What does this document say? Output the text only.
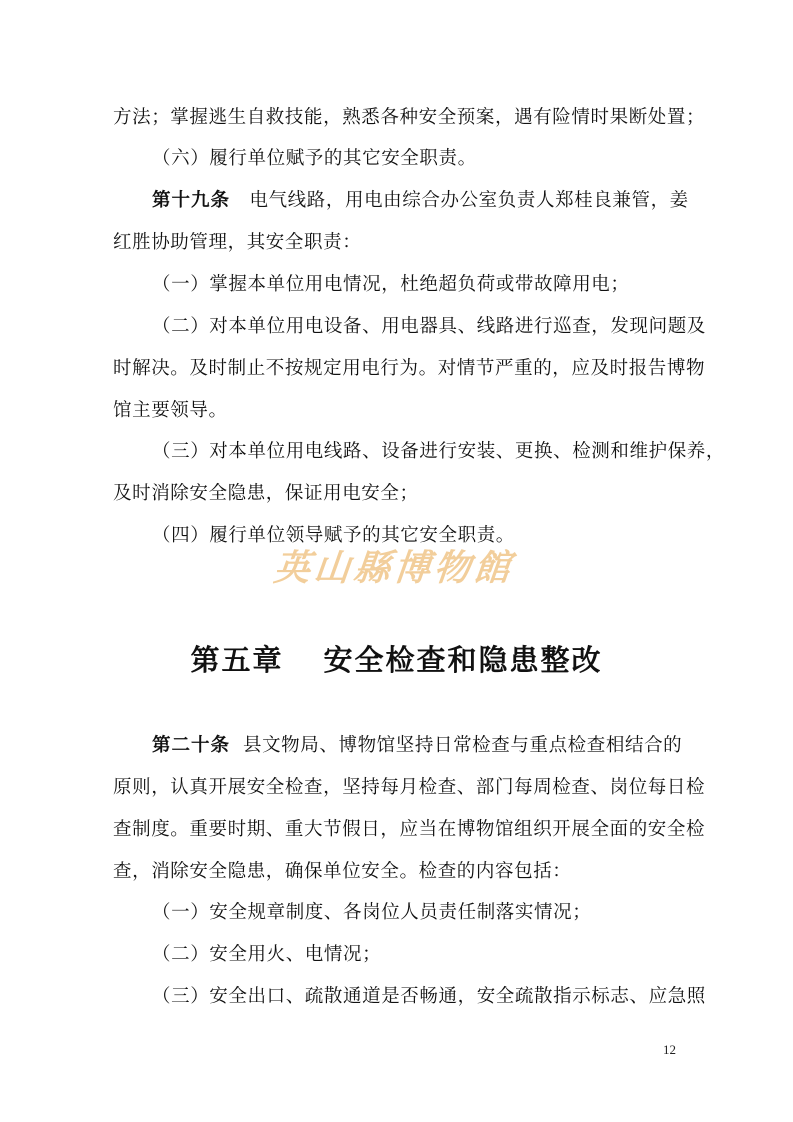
方法；掌握逃生自救技能，熟悉各种安全预案，遇有险情时果断处置；
（六）履行单位赋予的其它安全职责。
第十九条 电气线路，用电由综合办公室负责人郑桂良兼管，姜
红胜协助管理，其安全职责：
（一）掌握本单位用电情况，杜绝超负荷或带故障用电；
（二）对本单位用电设备、用电器具、线路进行巡查，发现问题及
时解决。及时制止不按规定用电行为。对情节严重的，应及时报告博物
馆主要领导。
（三）对本单位用电线路、设备进行安装、更换、检测和维护保养，
及时消除安全隐患，保证用电安全；
（四）履行单位领导赋予的其它安全职责。
英山縣博物館
第五章 安全检查和隐患整改
第二十条 县文物局、博物馆坚持日常检查与重点检查相结合的
原则，认真开展安全检查，坚持每月检查、部门每周检查、岗位每日检
查制度。重要时期、重大节假日，应当在博物馆组织开展全面的安全检
查，消除安全隐患，确保单位安全。检查的内容包括：
（一）安全规章制度、各岗位人员责任制落实情况；
（二）安全用火、电情况；
（三）安全出口、疏散通道是否畅通，安全疏散指示标志、应急照
12
